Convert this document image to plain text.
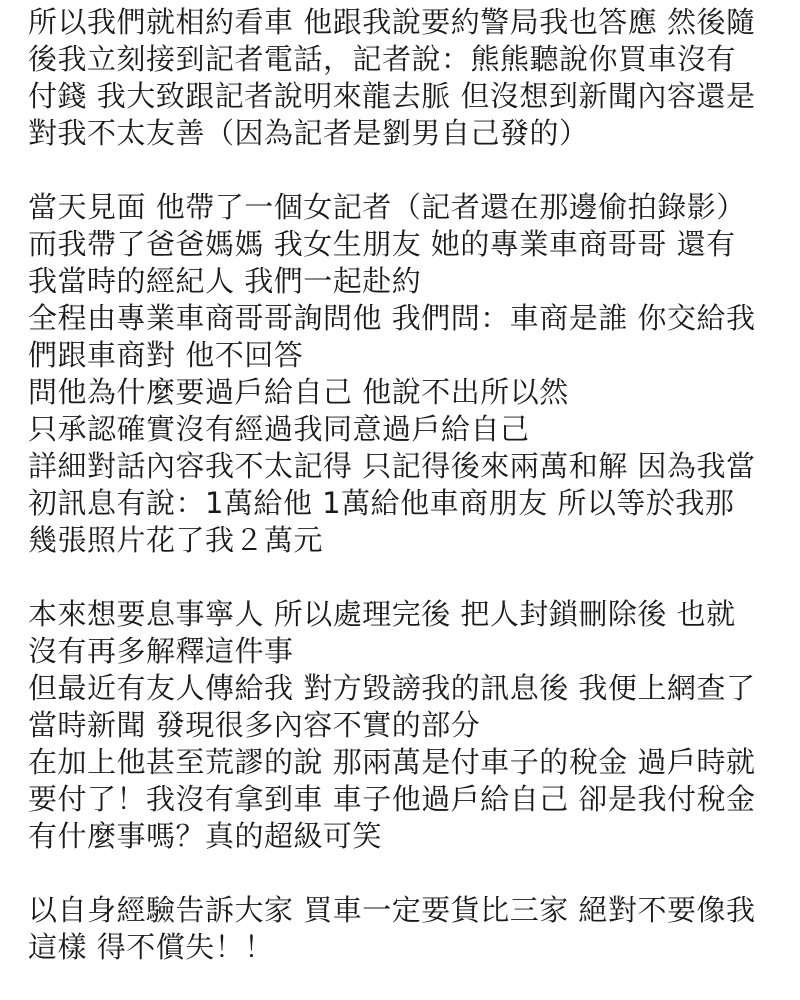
所以我們就相約看車 他跟我說要約警局我也答應 然後隨
後我立刻接到記者電話，記者說：熊熊聽說你買車沒有
付錢 我大致跟記者說明來龍去脈 但沒想到新聞內容還是
對我不太友善（因為記者是劉男自己發的）
當天見面 他帶了一個女記者（記者還在那邊偷拍錄影）
而我帶了爸爸媽媽 我女生朋友 她的專業車商哥哥 還有
我當時的經紀人 我們一起赴約
全程由專業車商哥哥詢問他 我們問：車商是誰 你交給我
們跟車商對 他不回答
問他為什麼要過戶給自己 他說不出所以然
只承認確實沒有經過我同意過戶給自己
詳細對話內容我不太記得 只記得後來兩萬和解 因為我當
初訊息有說：1萬給他 1萬給他車商朋友 所以等於我那
幾張照片花了我２萬元
本來想要息事寧人 所以處理完後 把人封鎖刪除後 也就
沒有再多解釋這件事
但最近有友人傳給我 對方毀謗我的訊息後 我便上網查了
當時新聞 發現很多內容不實的部分
在加上他甚至荒謬的說 那兩萬是付車子的稅金 過戶時就
要付了！我沒有拿到車 車子他過戶給自己 卻是我付稅金
有什麼事嗎？真的超級可笑
以自身經驗告訴大家 買車一定要貨比三家 絕對不要像我
這樣 得不償失！！
